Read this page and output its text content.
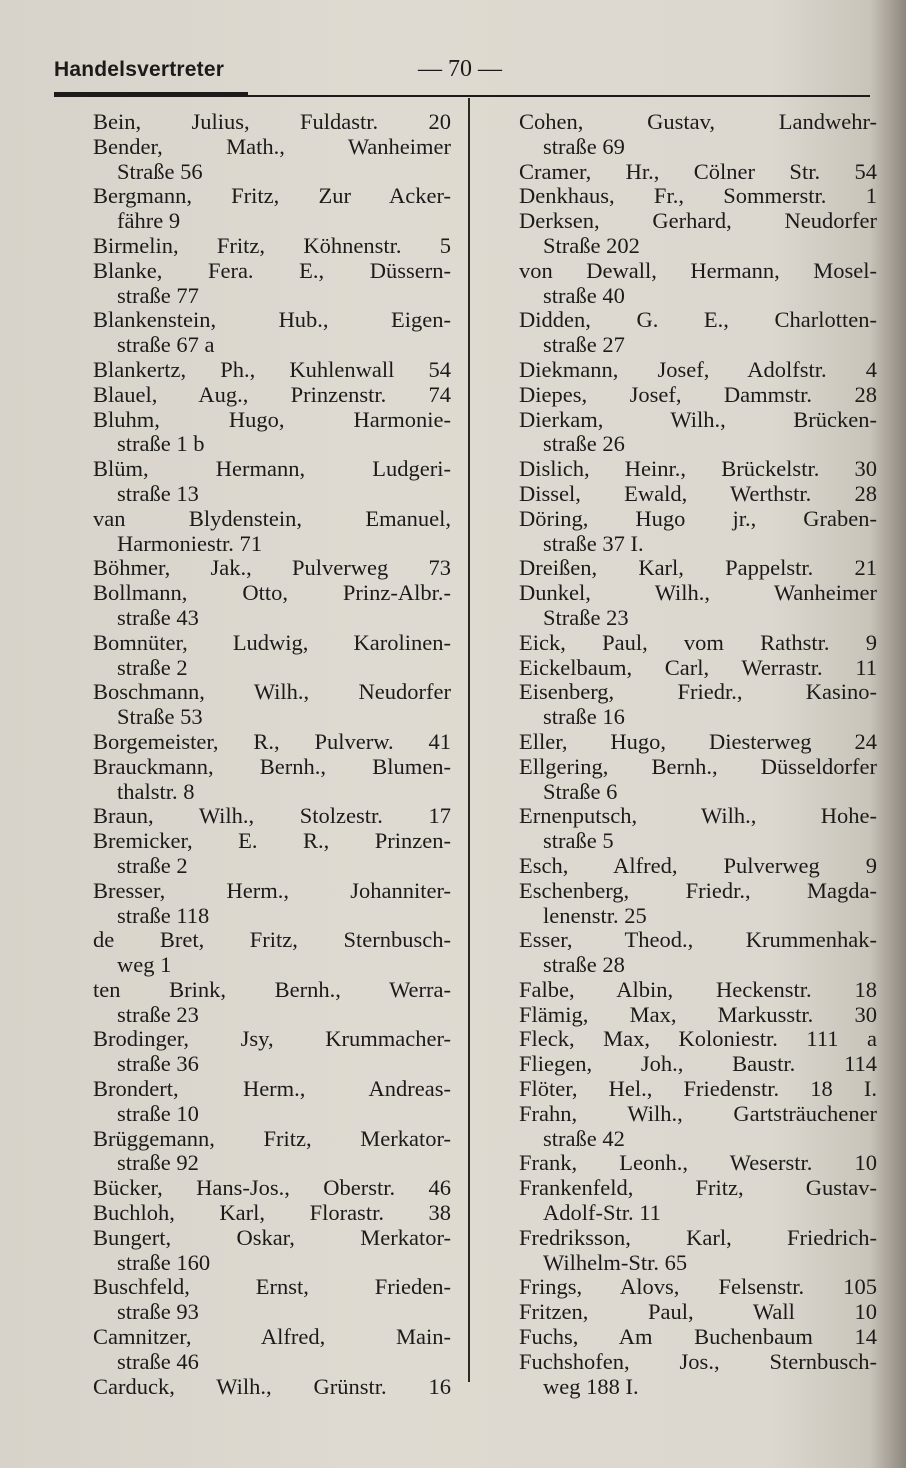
Handelsvertreter	— 70 —
Bein, Julius, Fuldastr. 20
Bender, Math., Wanheimer
Straße 56
Bergmann, Fritz, Zur Acker-
fähre 9
Birmelin, Fritz, Köhnenstr. 5
Blanke, Fera. E., Düssern-
straße 77
Blankenstein, Hub., Eigen-
straße 67 a
Blankertz, Ph., Kuhlenwall 54
Blauel, Aug., Prinzenstr. 74
Bluhm, Hugo, Harmonie-
straße 1 b
Blüm, Hermann, Ludgeri-
straße 13
van Blydenstein, Emanuel,
Harmoniestr. 71
Böhmer, Jak., Pulverweg 73
Bollmann, Otto, Prinz-Albr.-
straße 43
Bomnüter, Ludwig, Karolinen-
straße 2
Boschmann, Wilh., Neudorfer
Straße 53
Borgemeister, R., Pulverw. 41
Brauckmann, Bernh., Blumen-
thalstr. 8
Braun, Wilh., Stolzestr. 17
Bremicker, E. R., Prinzen-
straße 2
Bresser, Herm., Johanniter-
straße 118
de Bret, Fritz, Sternbusch-
weg 1
ten Brink, Bernh., Werra-
straße 23
Brodinger, Jsy, Krummacher-
straße 36
Brondert, Herm., Andreas-
straße 10
Brüggemann, Fritz, Merkator-
straße 92
Bücker, Hans-Jos., Oberstr. 46
Buchloh, Karl, Florastr. 38
Bungert, Oskar, Merkator-
straße 160
Buschfeld, Ernst, Frieden-
straße 93
Camnitzer, Alfred, Main-
straße 46
Carduck, Wilh., Grünstr. 16
Cohen, Gustav, Landwehr-
straße 69
Cramer, Hr., Cölner Str. 54
Denkhaus, Fr., Sommerstr. 1
Derksen, Gerhard, Neudorfer
Straße 202
von Dewall, Hermann, Mosel-
straße 40
Didden, G. E., Charlotten-
straße 27
Diekmann, Josef, Adolfstr. 4
Diepes, Josef, Dammstr. 28
Dierkam, Wilh., Brücken-
straße 26
Dislich, Heinr., Brückelstr. 30
Dissel, Ewald, Werthstr. 28
Döring, Hugo jr., Graben-
straße 37 I.
Dreißen, Karl, Pappelstr. 21
Dunkel, Wilh., Wanheimer
Straße 23
Eick, Paul, vom Rathstr. 9
Eickelbaum, Carl, Werrastr. 11
Eisenberg, Friedr., Kasino-
straße 16
Eller, Hugo, Diesterweg 24
Ellgering, Bernh., Düsseldorfer
Straße 6
Ernenputsch, Wilh., Hohe-
straße 5
Esch, Alfred, Pulverweg 9
Eschenberg, Friedr., Magda-
lenenstr. 25
Esser, Theod., Krummenhak-
straße 28
Falbe, Albin, Heckenstr. 18
Flämig, Max, Markusstr. 30
Fleck, Max, Koloniestr. 111 a
Fliegen, Joh., Baustr. 114
Flöter, Hel., Friedenstr. 18 I.
Frahn, Wilh., Gartsträuchener
straße 42
Frank, Leonh., Weserstr. 10
Frankenfeld, Fritz, Gustav-
Adolf-Str. 11
Fredriksson, Karl, Friedrich-
Wilhelm-Str. 65
Frings, Alovs, Felsenstr. 105
Fritzen, Paul, Wall 10
Fuchs, Am Buchenbaum 14
Fuchshofen, Jos., Sternbusch-
weg 188 I.
